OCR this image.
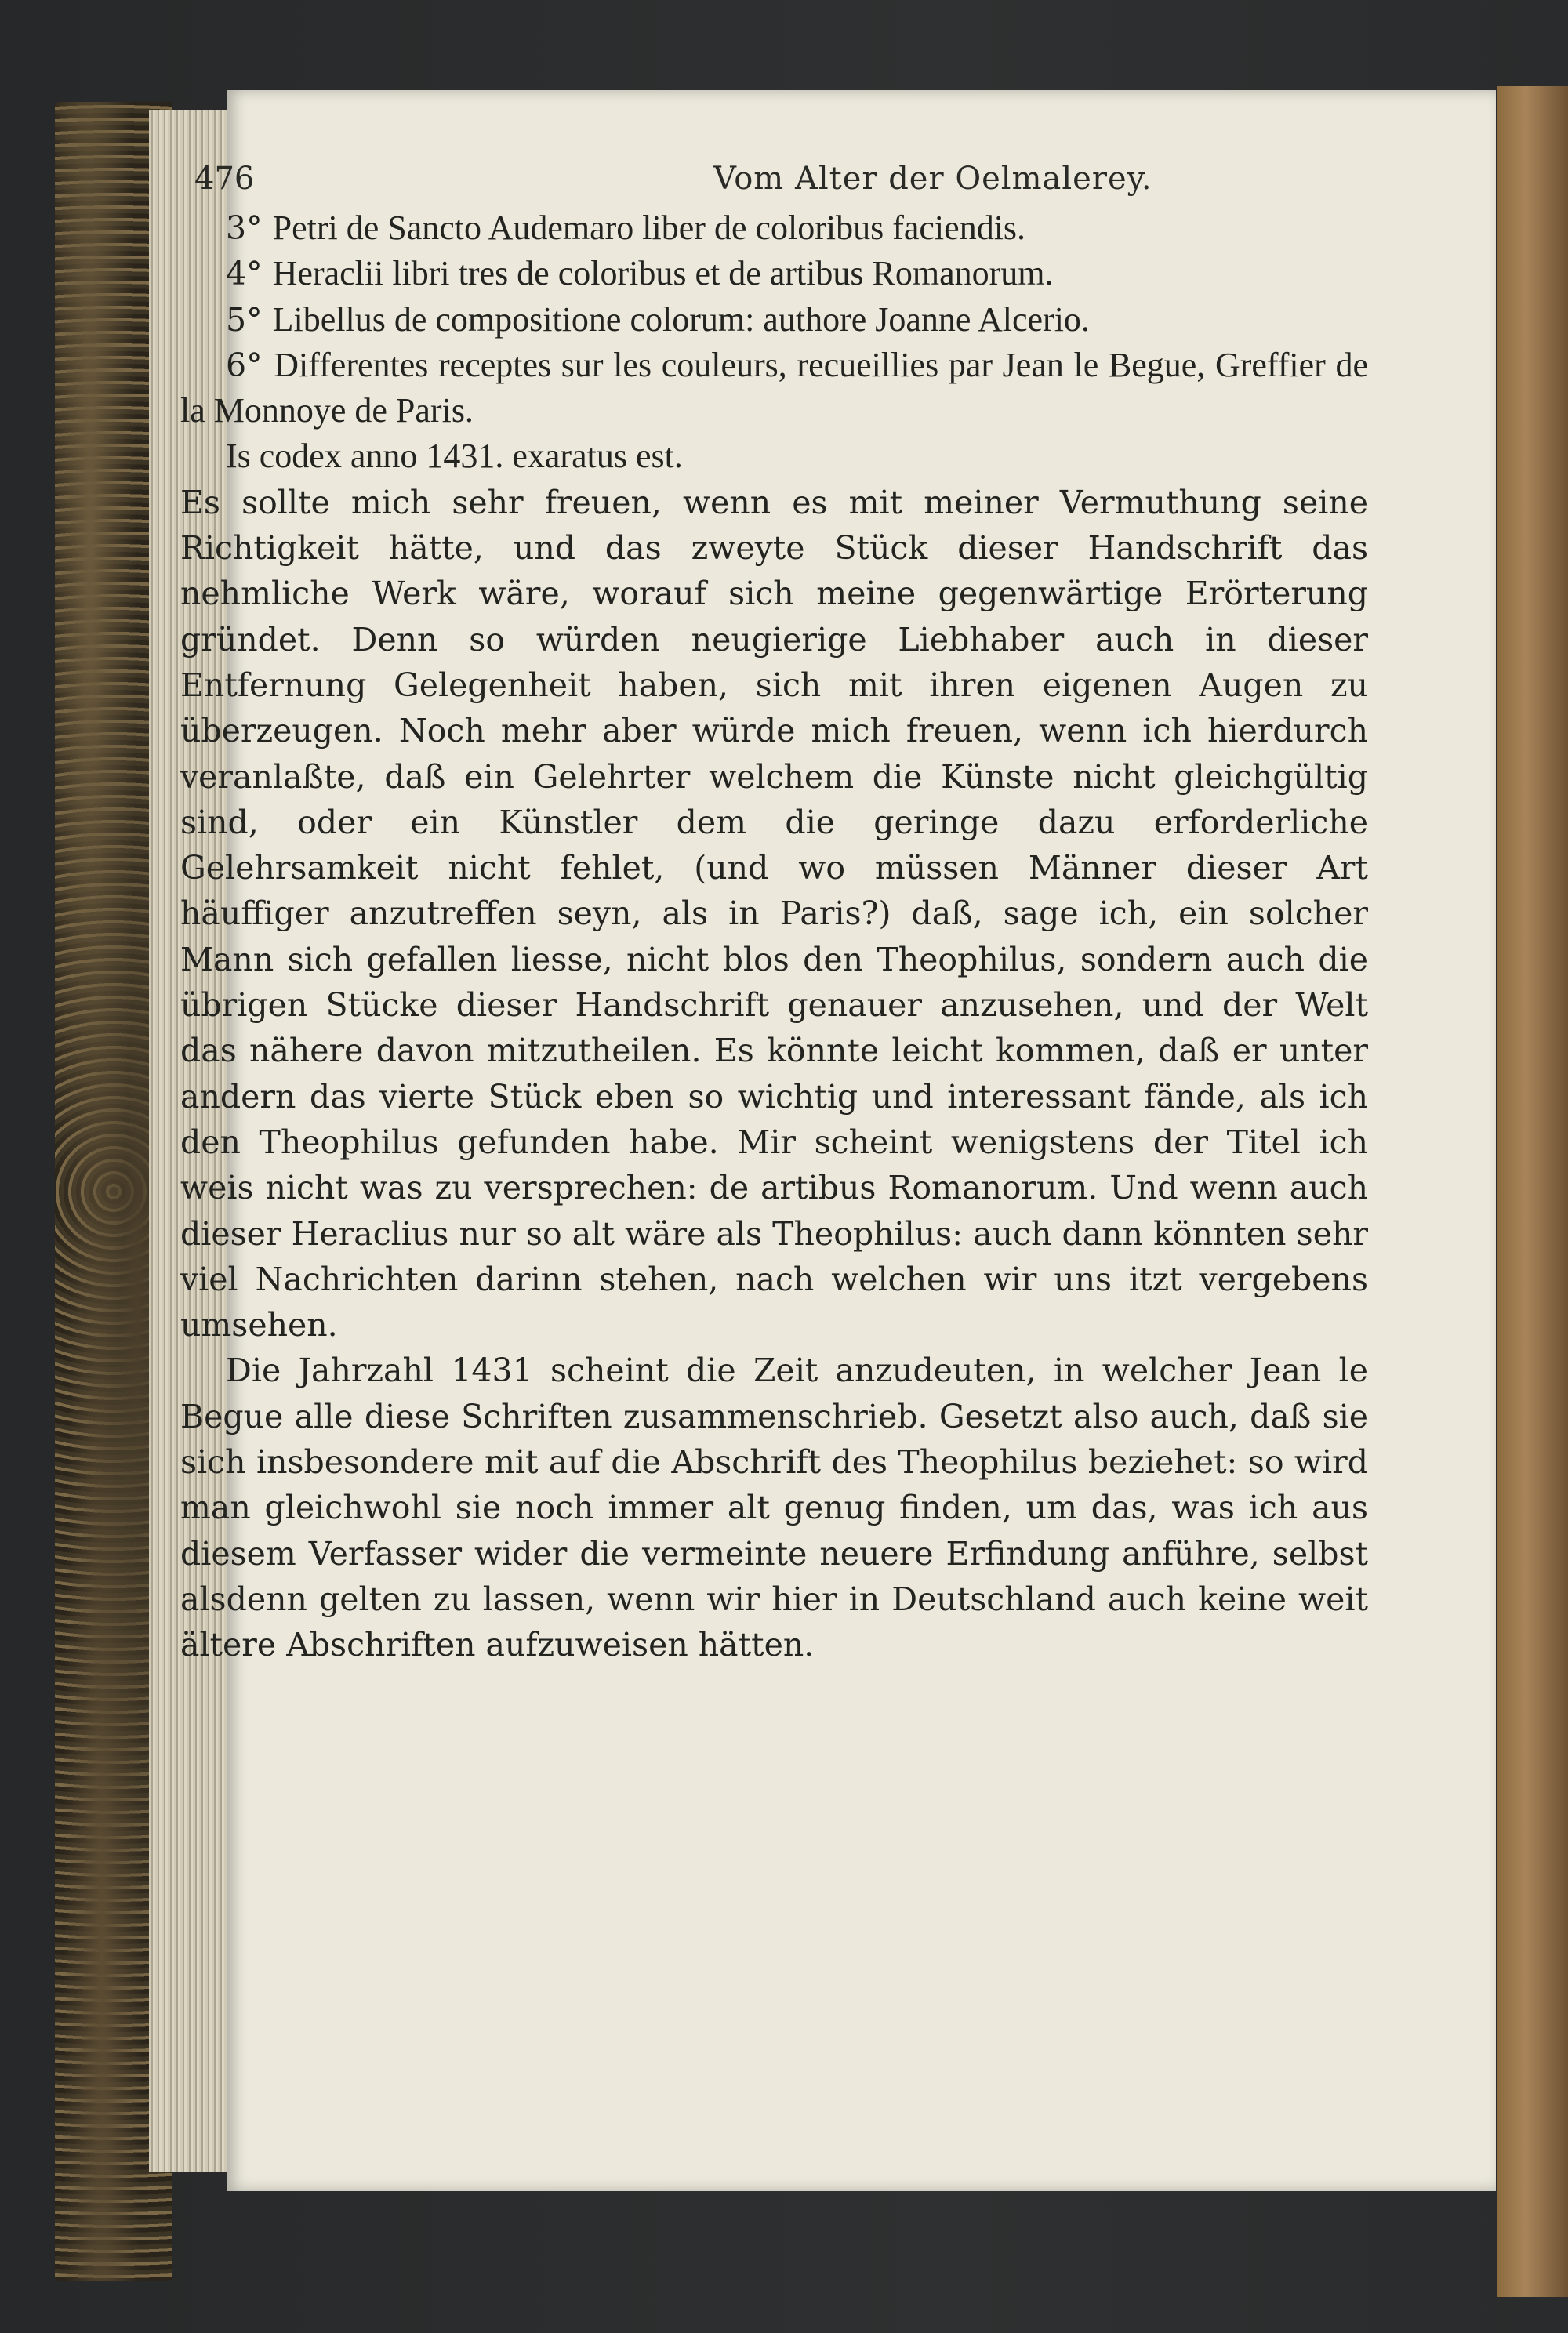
476	Vom Alter der Oelmalerey.

3° Petri de Sancto Audemaro liber de coloribus faciendis.

4° Heraclii libri tres de coloribus et de artibus Romanorum.

5° Libellus de compositione colorum: authore Joanne Alcerio.

6° Differentes receptes sur les couleurs, recueillies par Jean le Begue, Greffier de la Monnoye de Paris.

Is codex anno 1431. exaratus est.

Es sollte mich sehr freuen, wenn es mit meiner Vermuthung seine Richtigkeit hätte, und das zweyte Stück dieser Handschrift das nehmliche Werk wäre, worauf sich meine gegenwärtige Erörterung gründet. Denn so würden neugierige Liebhaber auch in dieser Entfernung Gelegenheit haben, sich mit ihren eigenen Augen zu überzeugen. Noch mehr aber würde mich freuen, wenn ich hierdurch veranlaßte, daß ein Gelehrter welchem die Künste nicht gleichgültig sind, oder ein Künstler dem die geringe dazu erforderliche Gelehrsamkeit nicht fehlet, (und wo müssen Männer dieser Art häuffiger anzutreffen seyn, als in Paris?) daß, sage ich, ein solcher Mann sich gefallen liesse, nicht blos den Theophilus, sondern auch die übrigen Stücke dieser Handschrift genauer anzusehen, und der Welt das nähere davon mitzutheilen. Es könnte leicht kommen, daß er unter andern das vierte Stück eben so wichtig und interessant fände, als ich den Theophilus gefunden habe. Mir scheint wenigstens der Titel ich weis nicht was zu versprechen: de artibus Romanorum. Und wenn auch dieser Heraclius nur so alt wäre als Theophilus: auch dann könnten sehr viel Nachrichten darinn stehen, nach welchen wir uns itzt vergebens umsehen.

Die Jahrzahl 1431 scheint die Zeit anzudeuten, in welcher Jean le Begue alle diese Schriften zusammenschrieb. Gesetzt also auch, daß sie sich insbesondere mit auf die Abschrift des Theophilus beziehet: so wird man gleichwohl sie noch immer alt genug finden, um das, was ich aus diesem Verfasser wider die vermeinte neuere Erfindung anführe, selbst alsdenn gelten zu lassen, wenn wir hier in Deutschland auch keine weit ältere Abschriften aufzuweisen hätten.
